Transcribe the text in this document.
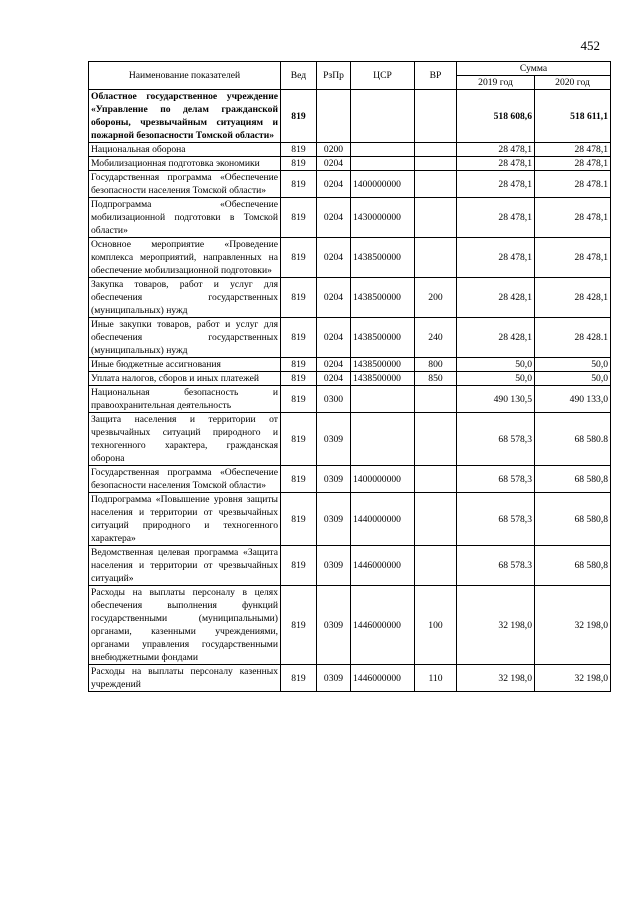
452
Наименование показателей	Вед	РзПр	ЦСР	ВР	Сумма	
					2019 год	2020 год
Областное государственное учреждение «Управление по делам гражданской обороны, чрезвычайным ситуациям и пожарной безопасности Томской области»	819				518 608,6	518 611,1
Национальная оборона	819	0200			28 478,1	28 478,1
Мобилизационная подготовка экономики	819	0204			28 478,1	28 478,1
Государственная программа «Обеспечение безопасности населения Томской области»	819	0204	1400000000		28 478,1	28 478.1
Подпрограмма «Обеспечение мобилизационной подготовки в Томской области»	819	0204	1430000000		28 478,1	28 478,1
Основное мероприятие «Проведение комплекса мероприятий, направленных на обеспечение мобилизационной подготовки»	819	0204	1438500000		28 478,1	28 478,1
Закупка товаров, работ и услуг для обеспечения государственных (муниципальных) нужд	819	0204	1438500000	200	28 428,1	28 428,1
Иные закупки товаров, работ и услуг для обеспечения государственных (муниципальных) нужд	819	0204	1438500000	240	28 428,1	28 428.1
Иные бюджетные ассигнования	819	0204	1438500000	800	50,0	50,0
Уплата налогов, сборов и иных платежей	819	0204	1438500000	850	50,0	50,0
Национальная безопасность и правоохранительная деятельность	819	0300			490 130,5	490 133,0
Защита населения и территории от чрезвычайных ситуаций природного и техногенного характера, гражданская оборона	819	0309			68 578,3	68 580.8
Государственная программа «Обеспечение безопасности населения Томской области»	819	0309	1400000000		68 578,3	68 580,8
Подпрограмма «Повышение уровня защиты населения и территории от чрезвычайных ситуаций природного и техногенного характера»	819	0309	1440000000		68 578,3	68 580,8
Ведомственная целевая программа «Защита населения и территории от чрезвычайных ситуаций»	819	0309	1446000000		68 578.3	68 580,8
Расходы на выплаты персоналу в целях обеспечения выполнения функций государственными (муниципальными) органами, казенными учреждениями, органами управления государственными внебюджетными фондами	819	0309	1446000000	100	32 198,0	32 198,0
Расходы на выплаты персоналу казенных учреждений	819	0309	1446000000	110	32 198,0	32 198,0
